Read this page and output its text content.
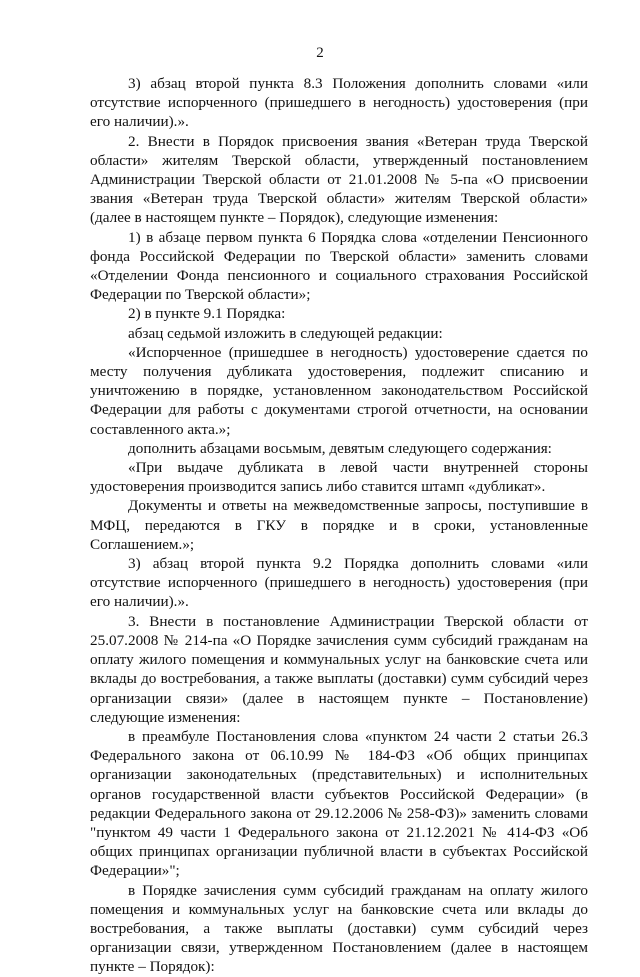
2

3) абзац второй пункта 8.3 Положения дополнить словами «или отсутствие испорченного (пришедшего в негодность) удостоверения (при его наличии).».

2. Внести в Порядок присвоения звания «Ветеран труда Тверской области» жителям Тверской области, утвержденный постановлением Администрации Тверской области от 21.01.2008 № 5-па «О присвоении звания «Ветеран труда Тверской области» жителям Тверской области» (далее в настоящем пункте – Порядок), следующие изменения:

1) в абзаце первом пункта 6 Порядка слова «отделении Пенсионного фонда Российской Федерации по Тверской области» заменить словами «Отделении Фонда пенсионного и социального страхования Российской Федерации по Тверской области»;

2) в пункте 9.1 Порядка:

абзац седьмой изложить в следующей редакции:

«Испорченное (пришедшее в негодность) удостоверение сдается по месту получения дубликата удостоверения, подлежит списанию и уничтожению в порядке, установленном законодательством Российской Федерации для работы с документами строгой отчетности, на основании составленного акта.»;

дополнить абзацами восьмым, девятым следующего содержания:

«При выдаче дубликата в левой части внутренней стороны удостоверения производится запись либо ставится штамп «дубликат».

Документы и ответы на межведомственные запросы, поступившие в МФЦ, передаются в ГКУ в порядке и в сроки, установленные Соглашением.»;

3) абзац второй пункта 9.2 Порядка дополнить словами «или отсутствие испорченного (пришедшего в негодность) удостоверения (при его наличии).».

3. Внести в постановление Администрации Тверской области от 25.07.2008 № 214-па «О Порядке зачисления сумм субсидий гражданам на оплату жилого помещения и коммунальных услуг на банковские счета или вклады до востребования, а также выплаты (доставки) сумм субсидий через организации связи» (далее в настоящем пункте – Постановление) следующие изменения:

в преамбуле Постановления слова «пунктом 24 части 2 статьи 26.3 Федерального закона от 06.10.99 № 184-ФЗ «Об общих принципах организации законодательных (представительных) и исполнительных органов государственной власти субъектов Российской Федерации» (в редакции Федерального закона от 29.12.2006 № 258-ФЗ)» заменить словами "пунктом 49 части 1 Федерального закона от 21.12.2021 № 414-ФЗ «Об общих принципах организации публичной власти в субъектах Российской Федерации»";

в Порядке зачисления сумм субсидий гражданам на оплату жилого помещения и коммунальных услуг на банковские счета или вклады до востребования, а также выплаты (доставки) сумм субсидий через организации связи, утвержденном Постановлением (далее в настоящем пункте – Порядок):
